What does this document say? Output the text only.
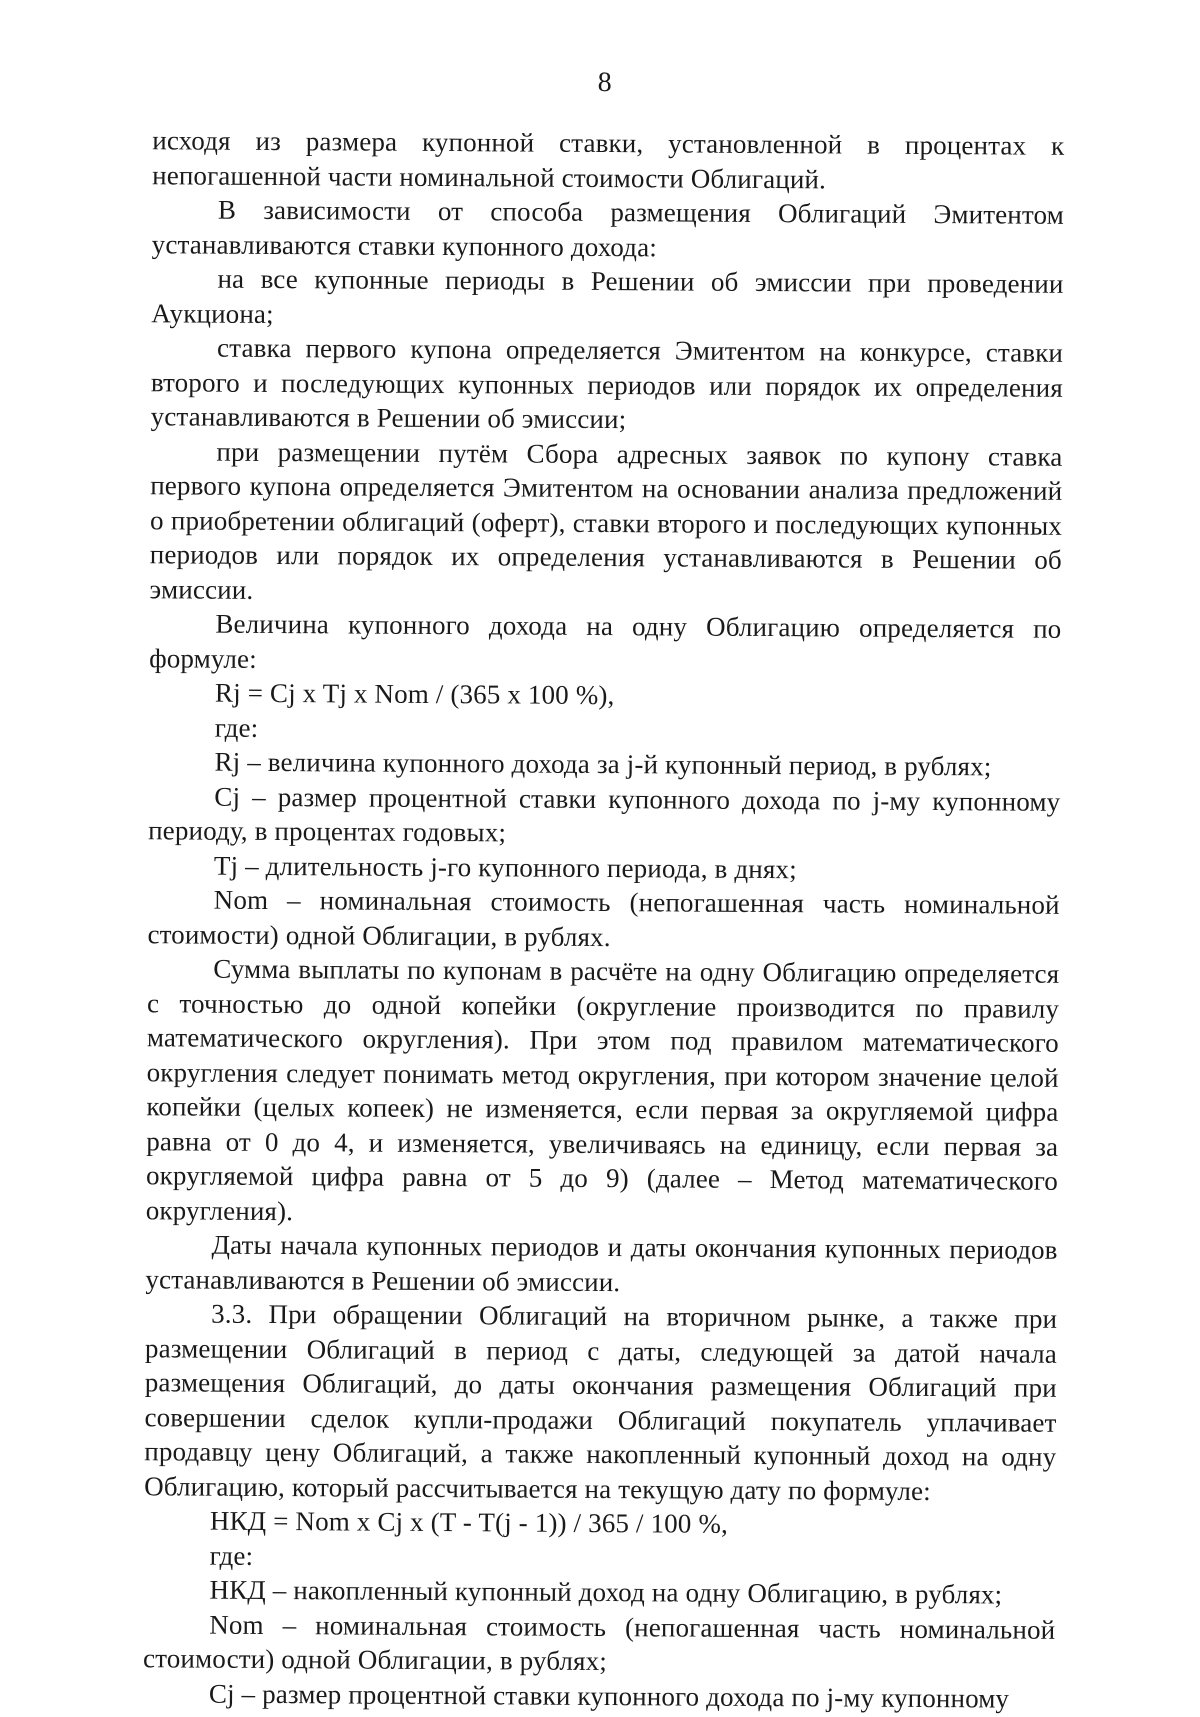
8

исходя из размера купонной ставки, установленной в процентах к непогашенной части номинальной стоимости Облигаций.

В зависимости от способа размещения Облигаций Эмитентом устанавливаются ставки купонного дохода:

на все купонные периоды в Решении об эмиссии при проведении Аукциона;

ставка первого купона определяется Эмитентом на конкурсе, ставки второго и последующих купонных периодов или порядок их определения устанавливаются в Решении об эмиссии;

при размещении путём Сбора адресных заявок по купону ставка первого купона определяется Эмитентом на основании анализа предложений о приобретении облигаций (оферт), ставки второго и последующих купонных периодов или порядок их определения устанавливаются в Решении об эмиссии.

Величина купонного дохода на одну Облигацию определяется по формуле:

Rj = Cj x Tj x Nom / (365 x 100 %),

где:

Rj – величина купонного дохода за j-й купонный период, в рублях;

Cj – размер процентной ставки купонного дохода по j-му купонному периоду, в процентах годовых;

Tj – длительность j-го купонного периода, в днях;

Nom – номинальная стоимость (непогашенная часть номинальной стоимости) одной Облигации, в рублях.

Сумма выплаты по купонам в расчёте на одну Облигацию определяется с точностью до одной копейки (округление производится по правилу математического округления). При этом под правилом математического округления следует понимать метод округления, при котором значение целой копейки (целых копеек) не изменяется, если первая за округляемой цифра равна от 0 до 4, и изменяется, увеличиваясь на единицу, если первая за округляемой цифра равна от 5 до 9) (далее – Метод математического округления).

Даты начала купонных периодов и даты окончания купонных периодов устанавливаются в Решении об эмиссии.

3.3. При обращении Облигаций на вторичном рынке, а также при размещении Облигаций в период с даты, следующей за датой начала размещения Облигаций, до даты окончания размещения Облигаций при совершении сделок купли-продажи Облигаций покупатель уплачивает продавцу цену Облигаций, а также накопленный купонный доход на одну Облигацию, который рассчитывается на текущую дату по формуле:

НКД = Nom x Cj x (T - T(j - 1)) / 365 / 100 %,

где:

НКД – накопленный купонный доход на одну Облигацию, в рублях;

Nom – номинальная стоимость (непогашенная часть номинальной стоимости) одной Облигации, в рублях;

Cj – размер процентной ставки купонного дохода по j-му купонному
